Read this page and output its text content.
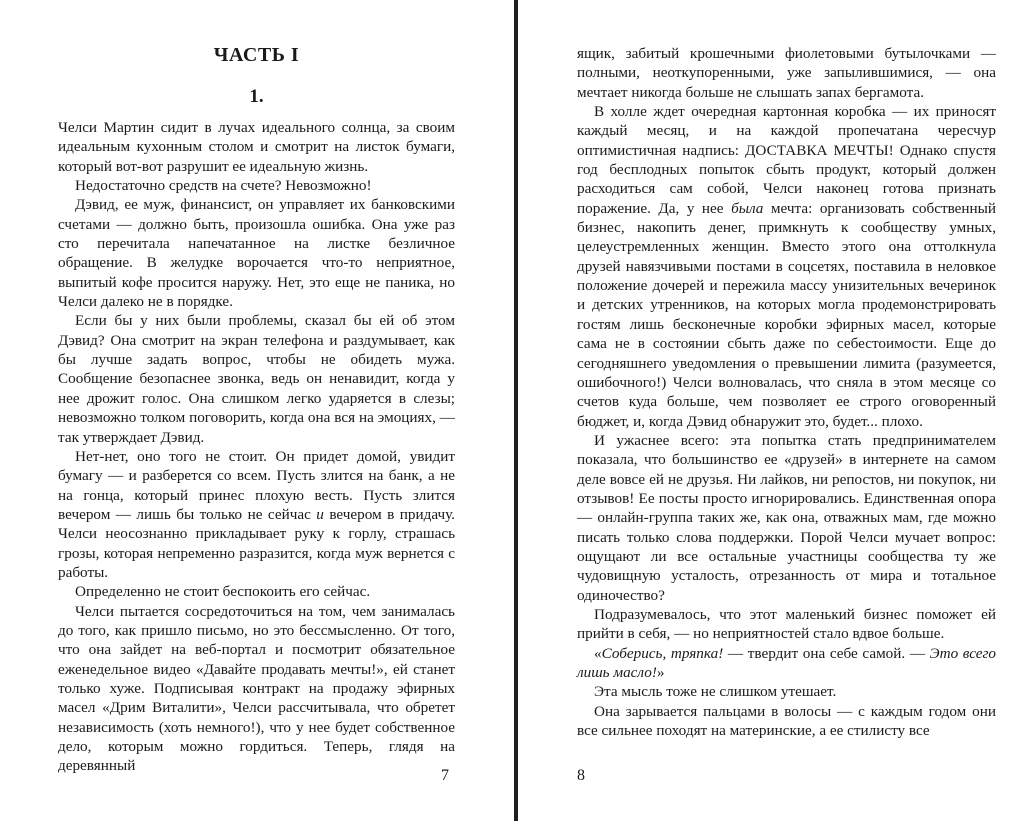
ЧАСТЬ I
1.

Челси Мартин сидит в лучах идеального солнца, за своим идеальным кухонным столом и смотрит на листок бумаги, который вот-вот разрушит ее идеальную жизнь.

Недостаточно средств на счете? Невозможно!

Дэвид, ее муж, финансист, он управляет их банковскими счетами — должно быть, произошла ошибка. Она уже раз сто перечитала напечатанное на листке безличное обращение. В желудке ворочается что-то неприятное, выпитый кофе просится наружу. Нет, это еще не паника, но Челси далеко не в порядке.

Если бы у них были проблемы, сказал бы ей об этом Дэвид? Она смотрит на экран телефона и раздумывает, как бы лучше задать вопрос, чтобы не обидеть мужа. Сообщение безопаснее звонка, ведь он ненавидит, когда у нее дрожит голос. Она слишком легко ударяется в слезы; невозможно толком поговорить, когда она вся на эмоциях, — так утверждает Дэвид.

Нет-нет, оно того не стоит. Он придет домой, увидит бумагу — и разберется со всем. Пусть злится на банк, а не на гонца, который принес плохую весть. Пусть злится вечером — лишь бы только не сейчас и вечером в придачу. Челси неосознанно прикладывает руку к горлу, страшась грозы, которая непременно разразится, когда муж вернется с работы.

Определенно не стоит беспокоить его сейчас.

Челси пытается сосредоточиться на том, чем занималась до того, как пришло письмо, но это бессмысленно. От того, что она зайдет на веб-портал и посмотрит обязательное еженедельное видео «Давайте продавать мечты!», ей станет только хуже. Подписывая контракт на продажу эфирных масел «Дрим Виталити», Челси рассчитывала, что обретет независимость (хоть немного!), что у нее будет собственное дело, которым можно гордиться. Теперь, глядя на деревянный

7

ящик, забитый крошечными фиолетовыми бутылочками — полными, неоткупоренными, уже запылившимися, — она мечтает никогда больше не слышать запах бергамота.

В холле ждет очередная картонная коробка — их приносят каждый месяц, и на каждой пропечатана чересчур оптимистичная надпись: ДОСТАВКА МЕЧТЫ! Однако спустя год бесплодных попыток сбыть продукт, который должен расходиться сам собой, Челси наконец готова признать поражение. Да, у нее была мечта: организовать собственный бизнес, накопить денег, примкнуть к сообществу умных, целеустремленных женщин. Вместо этого она оттолкнула друзей навязчивыми постами в соцсетях, поставила в неловкое положение дочерей и пережила массу унизительных вечеринок и детских утренников, на которых могла продемонстрировать гостям лишь бесконечные коробки эфирных масел, которые сама не в состоянии сбыть даже по себестоимости. Еще до сегодняшнего уведомления о превышении лимита (разумеется, ошибочного!) Челси волновалась, что сняла в этом месяце со счетов куда больше, чем позволяет ее строго оговоренный бюджет, и, когда Дэвид обнаружит это, будет... плохо.

И ужаснее всего: эта попытка стать предпринимателем показала, что большинство ее «друзей» в интернете на самом деле вовсе ей не друзья. Ни лайков, ни репостов, ни покупок, ни отзывов! Ее посты просто игнорировались. Единственная опора — онлайн-группа таких же, как она, отважных мам, где можно писать только слова поддержки. Порой Челси мучает вопрос: ощущают ли все остальные участницы сообщества ту же чудовищную усталость, отрезанность от мира и тотальное одиночество?

Подразумевалось, что этот маленький бизнес поможет ей прийти в себя, — но неприятностей стало вдвое больше.

«Соберись, тряпка! — твердит она себе самой. — Это всего лишь масло!»

Эта мысль тоже не слишком утешает.

Она зарывается пальцами в волосы — с каждым годом они все сильнее походят на материнские, а ее стилисту все

8
